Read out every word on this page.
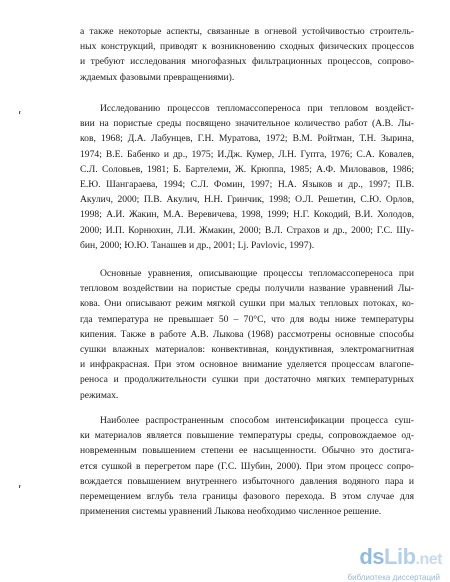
ʹ
ʹ
а также некоторые аспекты, связанные в огневой устойчивостью строитель-
ных конструкций, приводят к возникновению сходных физических процессов
и требуют исследования многофазных фильтрационных процессов, сопрово-
ждаемых фазовыми превращениями).
Исследованию процессов тепломассопереноса при тепловом воздейст-
вии на пористые среды посвящено значительное количество работ (А.В. Лы-
ков, 1968; Д.А. Лабунцев, Г.Н. Муратова, 1972; В.М. Ройтман, Т.Н. Зырина,
1974; В.Е. Бабенко и др., 1975; И.Дж. Кумер, Л.Н. Гупта, 1976; С.А. Ковалев,
С.Л. Соловьев, 1981; Б. Бартелеми, Ж. Крюппа, 1985; А.Ф. Миловавов, 1986;
Е.Ю. Шангараева, 1994; С.Л. Фомин, 1997; Н.А. Языков и др., 1997; П.В.
Акулич, 2000; П.В. Акулич, Н.Н. Гринчик, 1998; О.Л. Решетин, С.Ю. Орлов,
1998; А.И. Жакин, М.А. Веревичева, 1998, 1999; Н.Г. Кокодий, В.И. Холодов,
2000; И.П. Корнюхин, Л.И. Жмакин, 2000; В.Л. Страхов и др., 2000; Г.С. Шу-
бин, 2000; Ю.Ю. Танашев и др., 2001; Lj. Pavlovic, 1997).
Основные уравнения, описывающие процессы тепломассопереноса при
тепловом воздействии на пористые среды получили название уравнений Лы-
кова. Они описывают режим мягкой сушки при малых тепловых потоках, ко-
гда температура не превышает 50 – 70°C, что для воды ниже температуры
кипения. Также в работе А.В. Лыкова (1968) рассмотрены основные способы
сушки влажных материалов: конвективная, кондуктивная, электромагнитная
и инфракрасная. При этом основное внимание уделяется процессам влагопе-
реноса и продолжительности сушки при достаточно мягких температурных
режимах.
Наиболее распространенным способом интенсификации процесса суш-
ки материалов является повышение температуры среды, сопровождаемое од-
новременным повышением степени ее насыщенности. Обычно это достига-
ется сушкой в перегретом паре (Г.С. Шубин, 2000). При этом процесс сопро-
вождается повышением внутреннего избыточного давления водяного пара и
перемещением вглубь тела границы фазового перехода. В этом случае для
применения системы уравнений Лыкова необходимо численное решение.
dsLib.net
библиотека диссертаций
